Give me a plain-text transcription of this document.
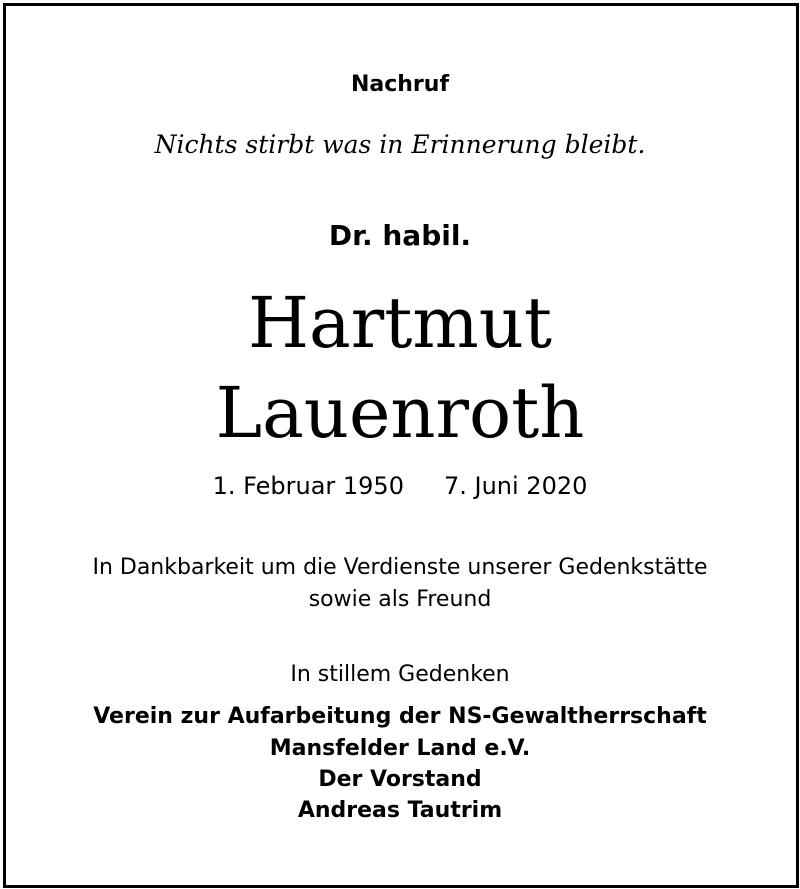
Nachruf
Nichts stirbt was in Erinnerung bleibt.
Dr. habil.
Hartmut
Lauenroth
1. Februar 1950 7. Juni 2020
In Dankbarkeit um die Verdienste unserer Gedenkstätte
sowie als Freund
In stillem Gedenken
Verein zur Aufarbeitung der NS-Gewaltherrschaft
Mansfelder Land e.V.
Der Vorstand
Andreas Tautrim
